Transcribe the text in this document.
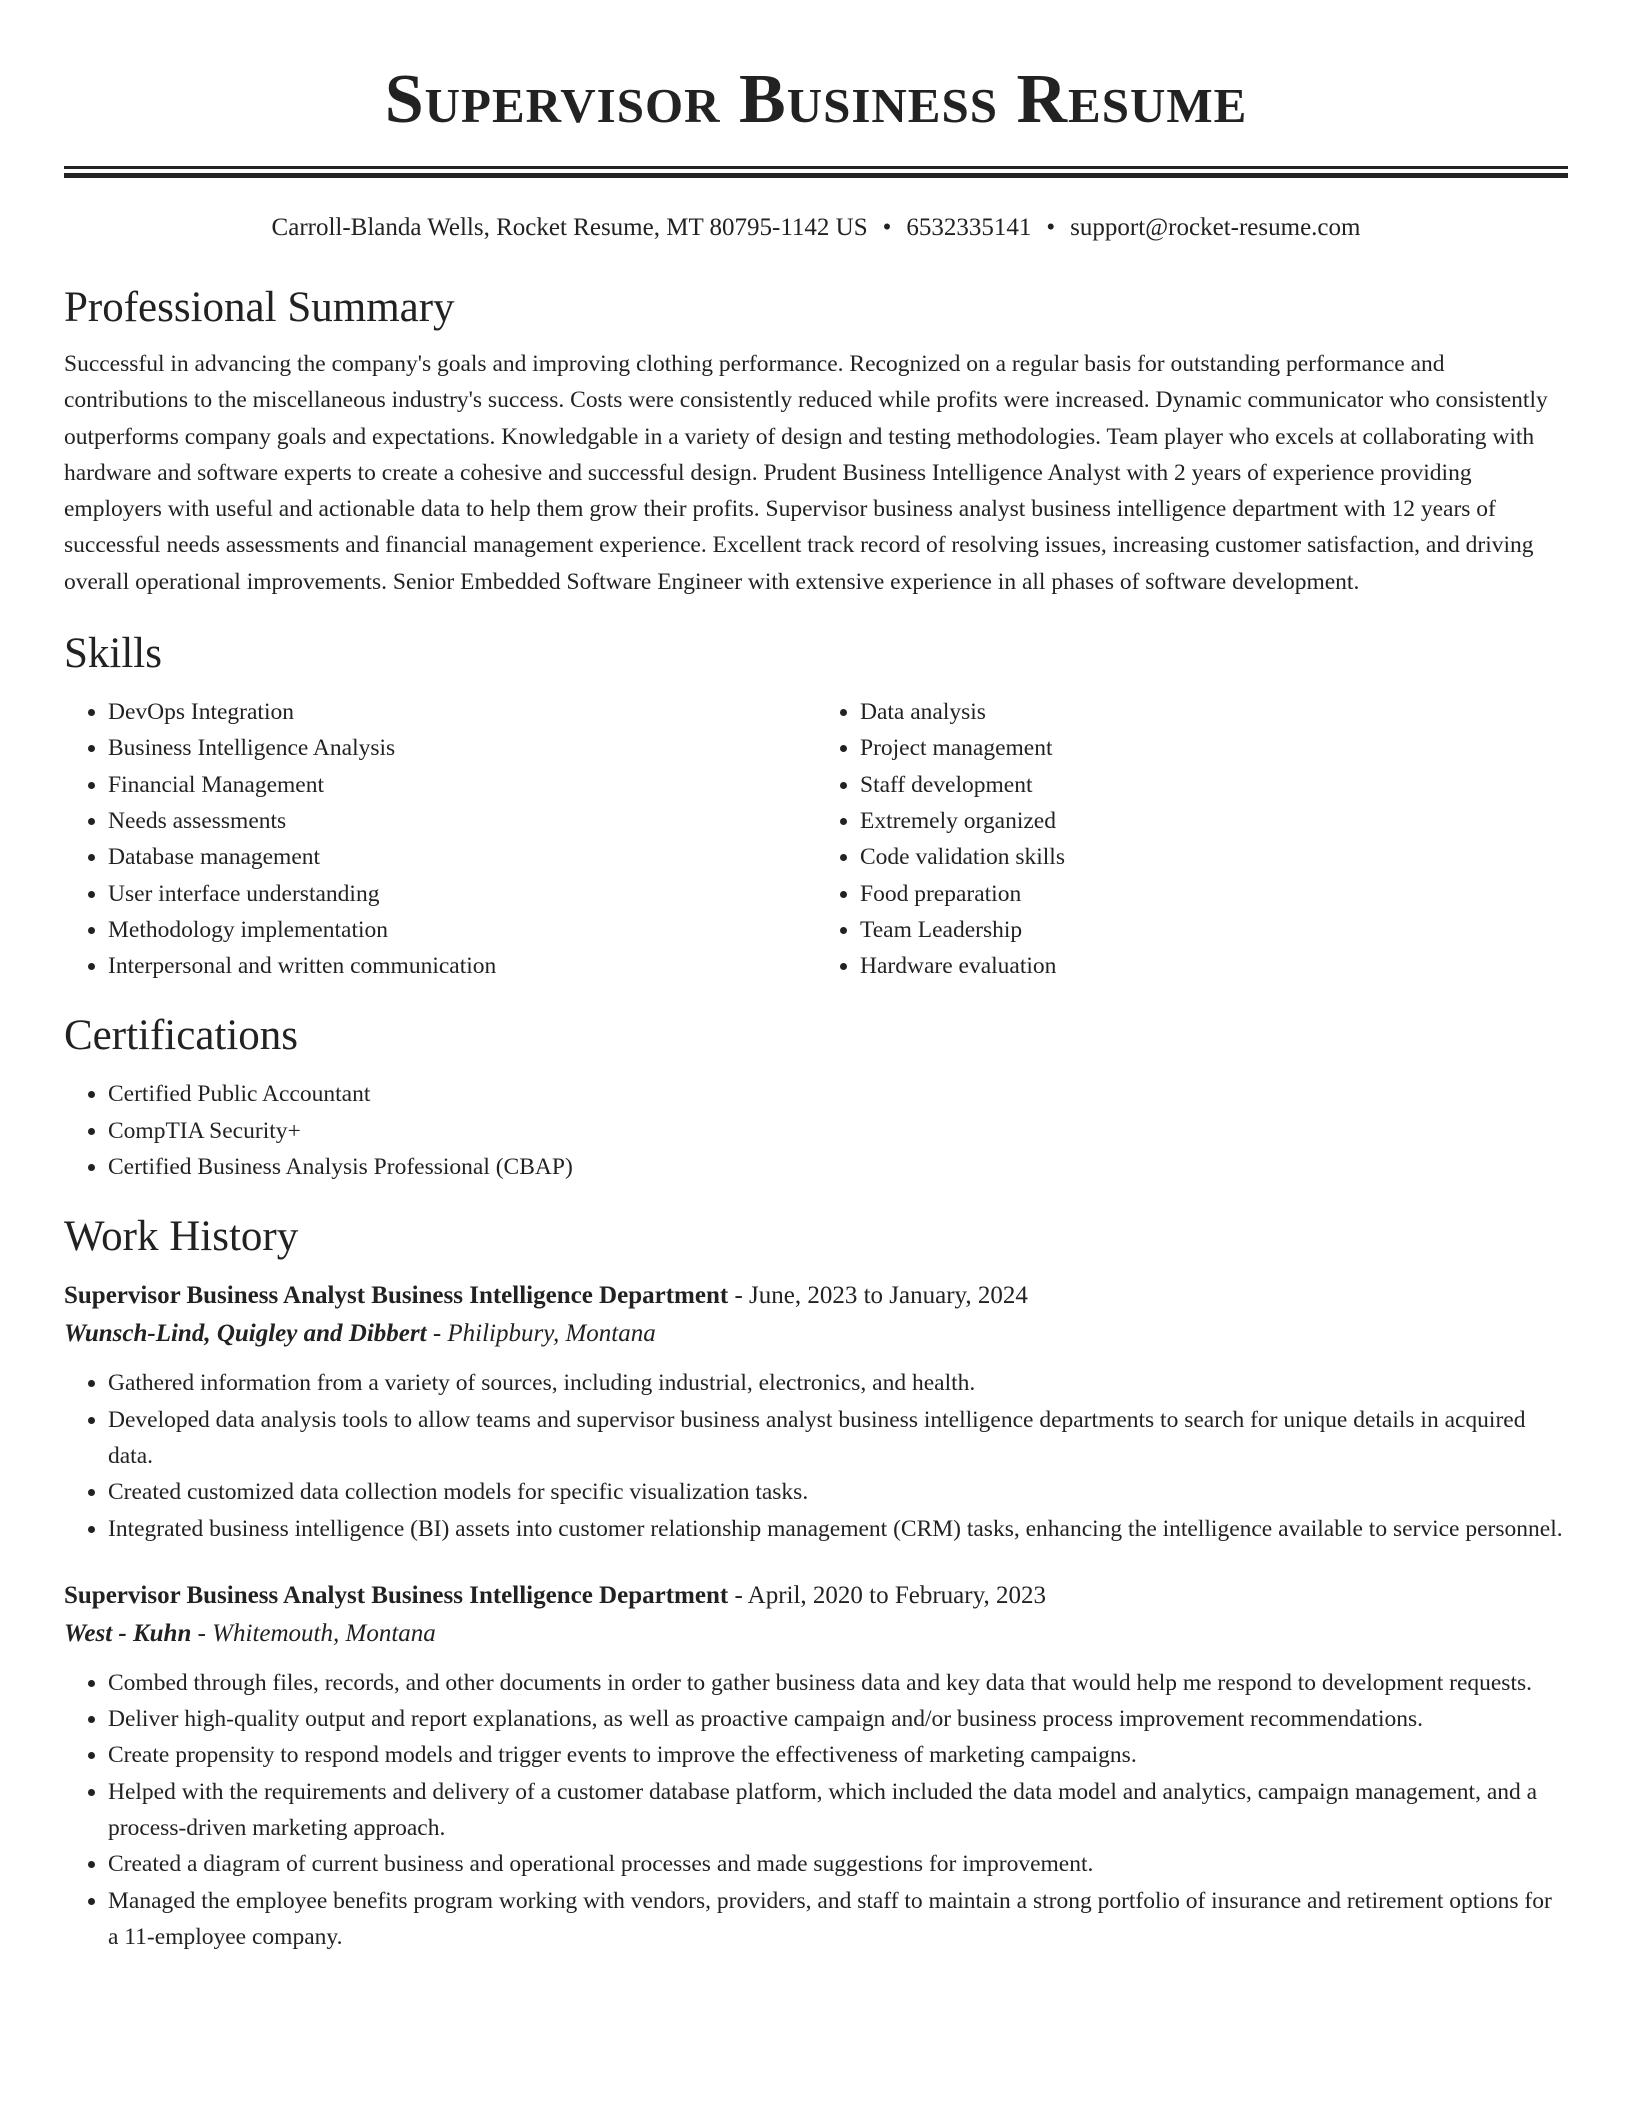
Supervisor Business Resume
Carroll-Blanda Wells, Rocket Resume, MT 80795-1142 US • 6532335141 • support@rocket-resume.com
Professional Summary

Successful in advancing the company's goals and improving clothing performance. Recognized on a regular basis for outstanding performance and contributions to the miscellaneous industry's success. Costs were consistently reduced while profits were increased. Dynamic communicator who consistently outperforms company goals and expectations. Knowledgable in a variety of design and testing methodologies. Team player who excels at collaborating with hardware and software experts to create a cohesive and successful design. Prudent Business Intelligence Analyst with 2 years of experience providing employers with useful and actionable data to help them grow their profits. Supervisor business analyst business intelligence department with 12 years of successful needs assessments and financial management experience. Excellent track record of resolving issues, increasing customer satisfaction, and driving overall operational improvements. Senior Embedded Software Engineer with extensive experience in all phases of software development.

Skills
• DevOps Integration
• Business Intelligence Analysis
• Financial Management
• Needs assessments
• Database management
• User interface understanding
• Methodology implementation
• Interpersonal and written communication
• Data analysis
• Project management
• Staff development
• Extremely organized
• Code validation skills
• Food preparation
• Team Leadership
• Hardware evaluation
Certifications
• Certified Public Accountant
• CompTIA Security+
• Certified Business Analysis Professional (CBAP)
Work History
Supervisor Business Analyst Business Intelligence Department - June, 2023 to January, 2024
Wunsch-Lind, Quigley and Dibbert - Philipbury, Montana
• Gathered information from a variety of sources, including industrial, electronics, and health.
• Developed data analysis tools to allow teams and supervisor business analyst business intelligence departments to search for unique details in acquired data.
• Created customized data collection models for specific visualization tasks.
• Integrated business intelligence (BI) assets into customer relationship management (CRM) tasks, enhancing the intelligence available to service personnel.
Supervisor Business Analyst Business Intelligence Department - April, 2020 to February, 2023
West - Kuhn - Whitemouth, Montana
• Combed through files, records, and other documents in order to gather business data and key data that would help me respond to development requests.
• Deliver high-quality output and report explanations, as well as proactive campaign and/or business process improvement recommendations.
• Create propensity to respond models and trigger events to improve the effectiveness of marketing campaigns.
• Helped with the requirements and delivery of a customer database platform, which included the data model and analytics, campaign management, and a process-driven marketing approach.
• Created a diagram of current business and operational processes and made suggestions for improvement.
• Managed the employee benefits program working with vendors, providers, and staff to maintain a strong portfolio of insurance and retirement options for a 11-employee company.
